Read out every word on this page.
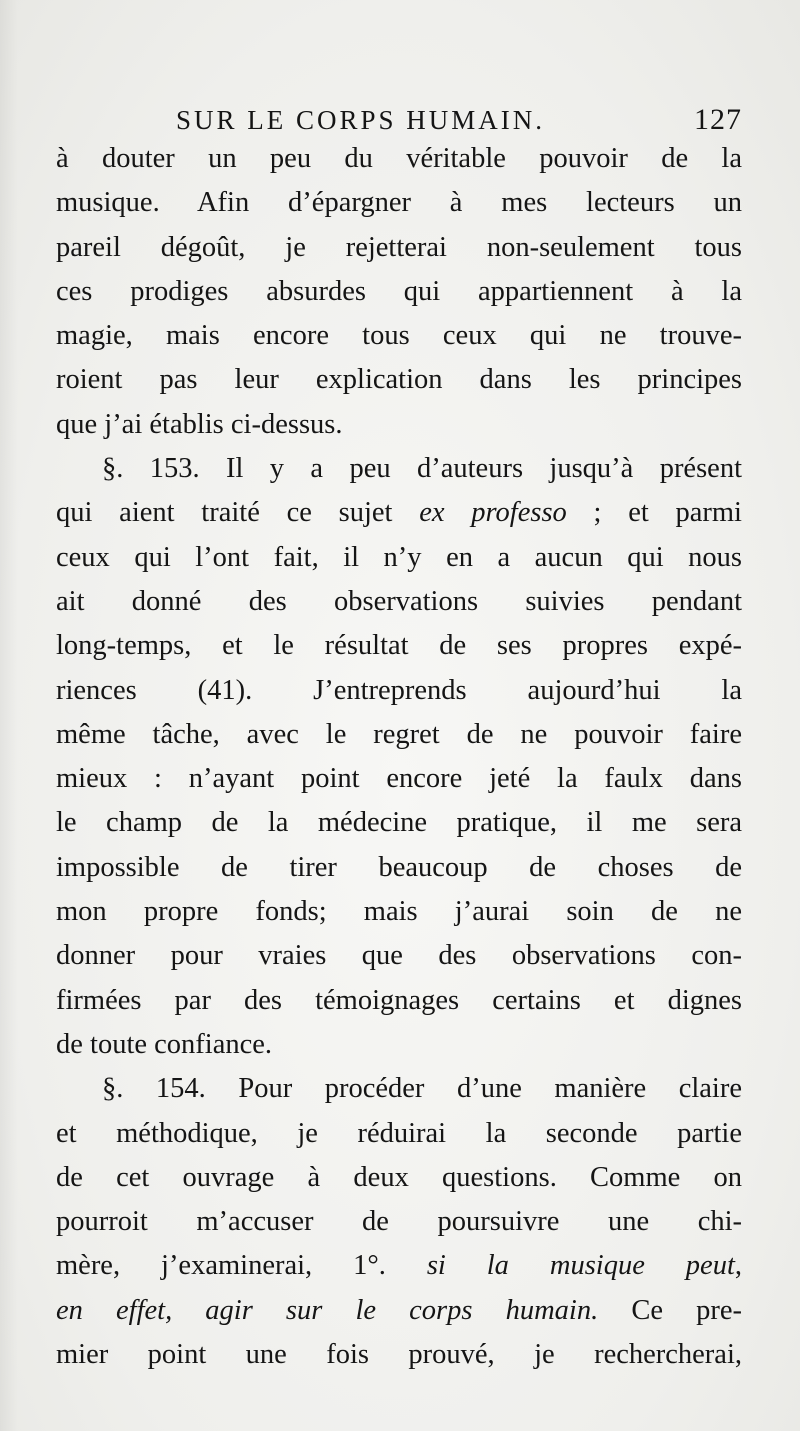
SUR LE CORPS HUMAIN.	127
à douter un peu du véritable pouvoir de la
musique. Afin d’épargner à mes lecteurs un
pareil dégoût, je rejetterai non-seulement tous
ces prodiges absurdes qui appartiennent à la
magie, mais encore tous ceux qui ne trouve-
roient pas leur explication dans les principes
que j’ai établis ci-dessus.
§. 153. Il y a peu d’auteurs jusqu’à présent
qui aient traité ce sujet ex professo ; et parmi
ceux qui l’ont fait, il n’y en a aucun qui nous
ait donné des observations suivies pendant
long-temps, et le résultat de ses propres expé-
riences (41). J’entreprends aujourd’hui la
même tâche, avec le regret de ne pouvoir faire
mieux : n’ayant point encore jeté la faulx dans
le champ de la médecine pratique, il me sera
impossible de tirer beaucoup de choses de
mon propre fonds; mais j’aurai soin de ne
donner pour vraies que des observations con-
firmées par des témoignages certains et dignes
de toute confiance.
§. 154. Pour procéder d’une manière claire
et méthodique, je réduirai la seconde partie
de cet ouvrage à deux questions. Comme on
pourroit m’accuser de poursuivre une chi-
mère, j’examinerai, 1°. si la musique peut,
en effet, agir sur le corps humain. Ce pre-
mier point une fois prouvé, je rechercherai,
